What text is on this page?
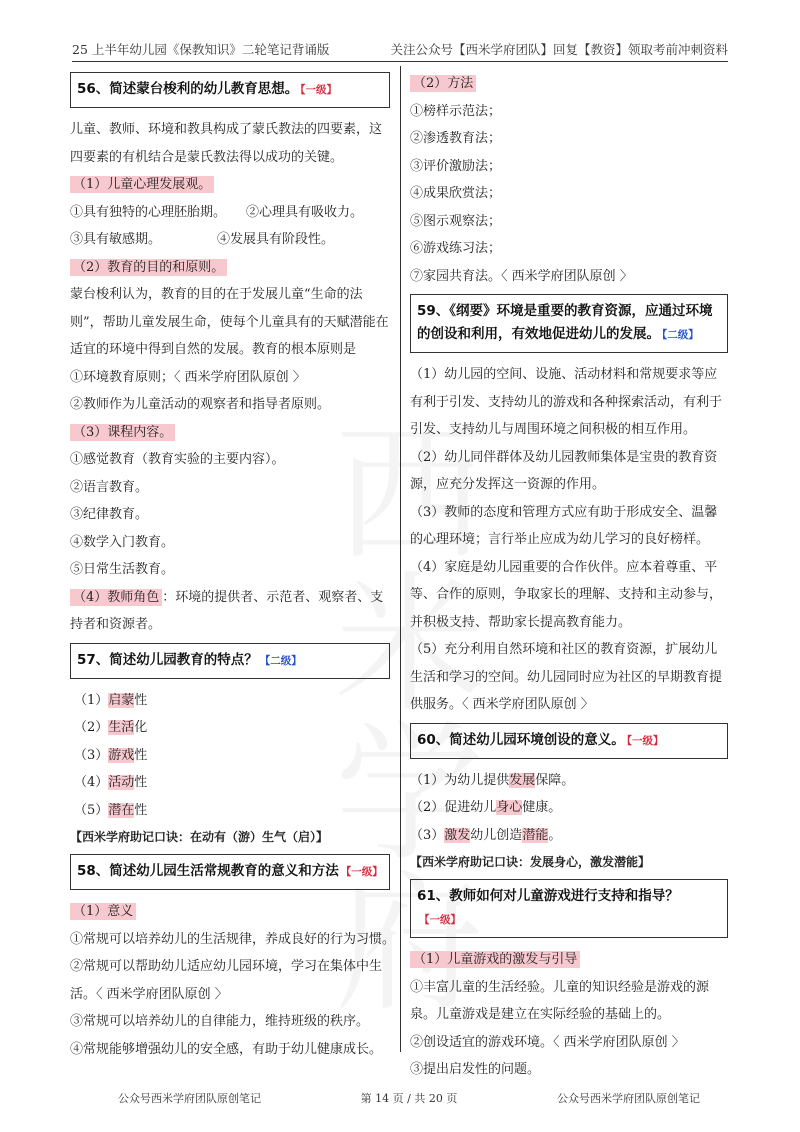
25 上半年幼儿园《保教知识》二轮笔记背诵版	关注公众号【西米学府团队】回复【教资】领取考前冲刺资料
56、简述蒙台梭利的幼儿教育思想。 【一级】

儿童、教师、环境和教具构成了蒙氏教法的四要素，这四要素的有机结合是蒙氏教法得以成功的关键。

（1）儿童心理发展观。
①具有独特的心理胚胎期。 ②心理具有吸收力。
③具有敏感期。	④发展具有阶段性。
（2）教育的目的和原则。

蒙台梭利认为，教育的目的在于发展儿童“生命的法则”，帮助儿童发展生命，使每个儿童具有的天赋潜能在适宜的环境中得到自然的发展。教育的根本原则是

①环境教育原则；〈 西米学府团队原创 〉
②教师作为儿童活动的观察者和指导者原则。
（3）课程内容。
①感觉教育（教育实验的主要内容）。
②语言教育。
③纪律教育。
④数学入门教育。
⑤日常生活教育。

（4）教师角色 ：环境的提供者、示范者、观察者、支持者和资源者。

57、简述幼儿园教育的特点？ 【二级】
（1）启蒙性
（2）生活化
（3）游戏性
（4）活动性
（5）潜在性
【西米学府助记口诀：在动有（游）生气（启）】
58、简述幼儿园生活常规教育的意义和方法 【一级】
（1）意义
①常规可以培养幼儿的生活规律，养成良好的行为习惯。

②常规可以帮助幼儿适应幼儿园环境，学习在集体中生活。〈 西米学府团队原创 〉

③常规可以培养幼儿的自律能力，维持班级的秩序。
④常规能够增强幼儿的安全感，有助于幼儿健康成长。
（2）方法
①榜样示范法；
②渗透教育法；
③评价激励法；
④成果欣赏法；
⑤图示观察法；
⑥游戏练习法；
⑦家园共育法。〈 西米学府团队原创 〉
59、《纲要》环境是重要的教育资源，应通过环境的创设和利用，有效地促进幼儿的发展。 【二级】

（1）幼儿园的空间、设施、活动材料和常规要求等应有利于引发、支持幼儿的游戏和各种探索活动，有利于引发、支持幼儿与周围环境之间积极的相互作用。

（2）幼儿同伴群体及幼儿园教师集体是宝贵的教育资源，应充分发挥这一资源的作用。

（3）教师的态度和管理方式应有助于形成安全、温馨的心理环境；言行举止应成为幼儿学习的良好榜样。

（4）家庭是幼儿园重要的合作伙伴。应本着尊重、平等、合作的原则，争取家长的理解、支持和主动参与，并积极支持、帮助家长提高教育能力。

（5）充分利用自然环境和社区的教育资源，扩展幼儿生活和学习的空间。幼儿园同时应为社区的早期教育提供服务。〈 西米学府团队原创 〉

60、简述幼儿园环境创设的意义。 【一级】
（1）为幼儿提供发展保障。
（2）促进幼儿身心健康。
（3）激发幼儿创造潜能。
【西米学府助记口诀：发展身心，激发潜能】
61、教师如何对儿童游戏进行支持和指导？【一级】
（1）儿童游戏的激发与引导

①丰富儿童的生活经验。儿童的知识经验是游戏的源泉。儿童游戏是建立在实际经验的基础上的。

②创设适宜的游戏环境。〈 西米学府团队原创 〉
③提出启发性的问题。
公众号西米学府团队原创笔记	第 14 页 / 共 20 页	公众号西米学府团队原创笔记
